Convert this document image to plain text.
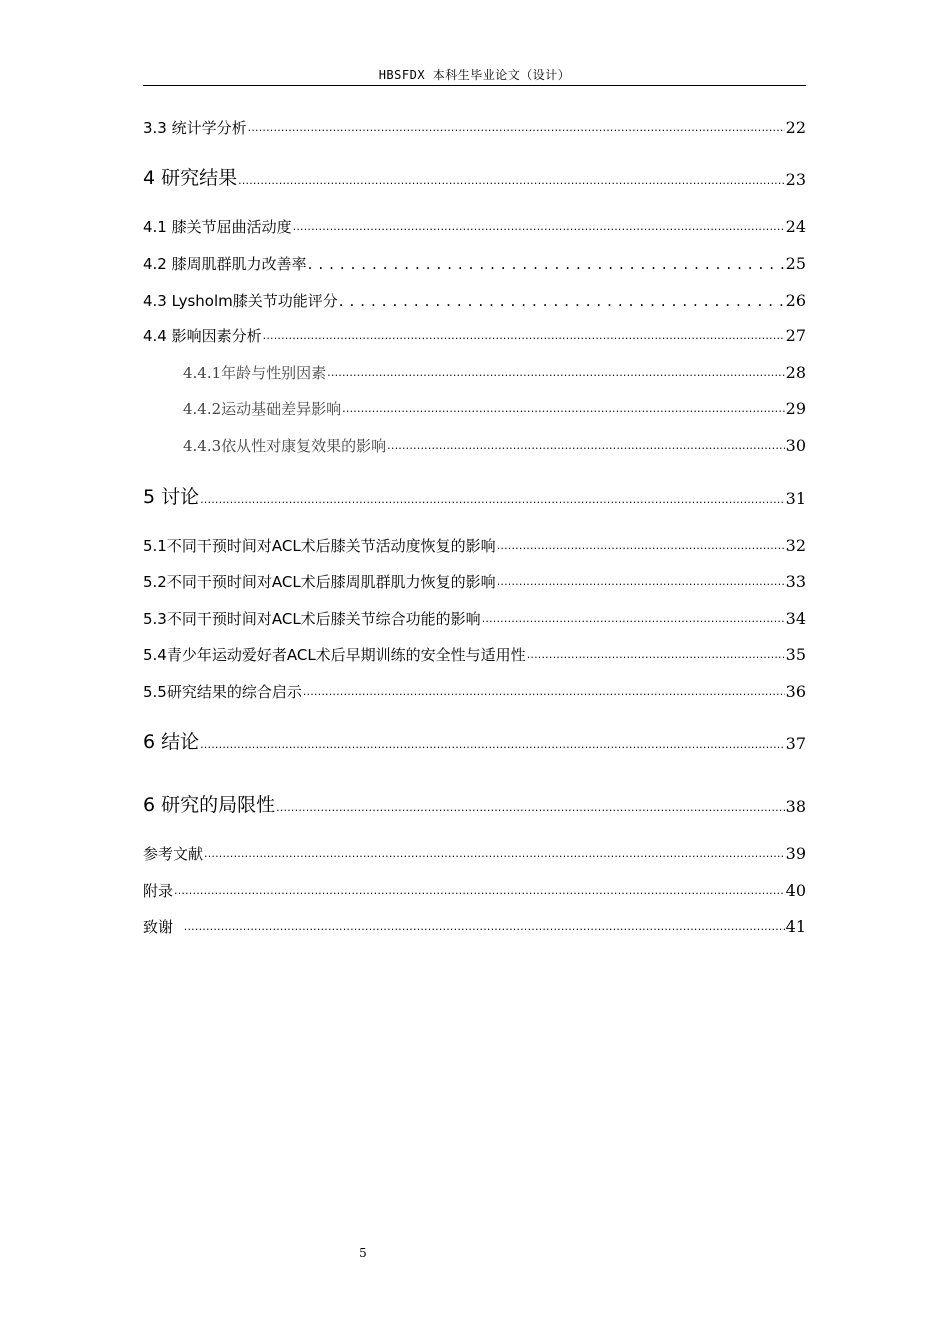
HBSFDX 本科生毕业论文（设计）
3.3 统计学分析 .....	22
4 研究结果 .....	23
4.1 膝关节屈曲活动度 .....	24
4.2 膝周肌群肌力改善率 . . .	25
4.3 Lysholm膝关节功能评分 . . .	26
4.4 影响因素分析 .....	27
4.4.1年龄与性别因素 .....	28
4.4.2运动基础差异影响 .....	29
4.4.3依从性对康复效果的影响 .....	30
5 讨论 .....	31
5.1不同干预时间对ACL术后膝关节活动度恢复的影响 .....	32
5.2不同干预时间对ACL术后膝周肌群肌力恢复的影响 .....	33
5.3不同干预时间对ACL术后膝关节综合功能的影响 .....	34
5.4青少年运动爱好者ACL术后早期训练的安全性与适用性 .....	35
5.5研究结果的综合启示 .....	36
6 结论 .....	37
6 研究的局限性 .....	38
参考文献 .....	39
附录 .....	40
致谢 .....	41
5
